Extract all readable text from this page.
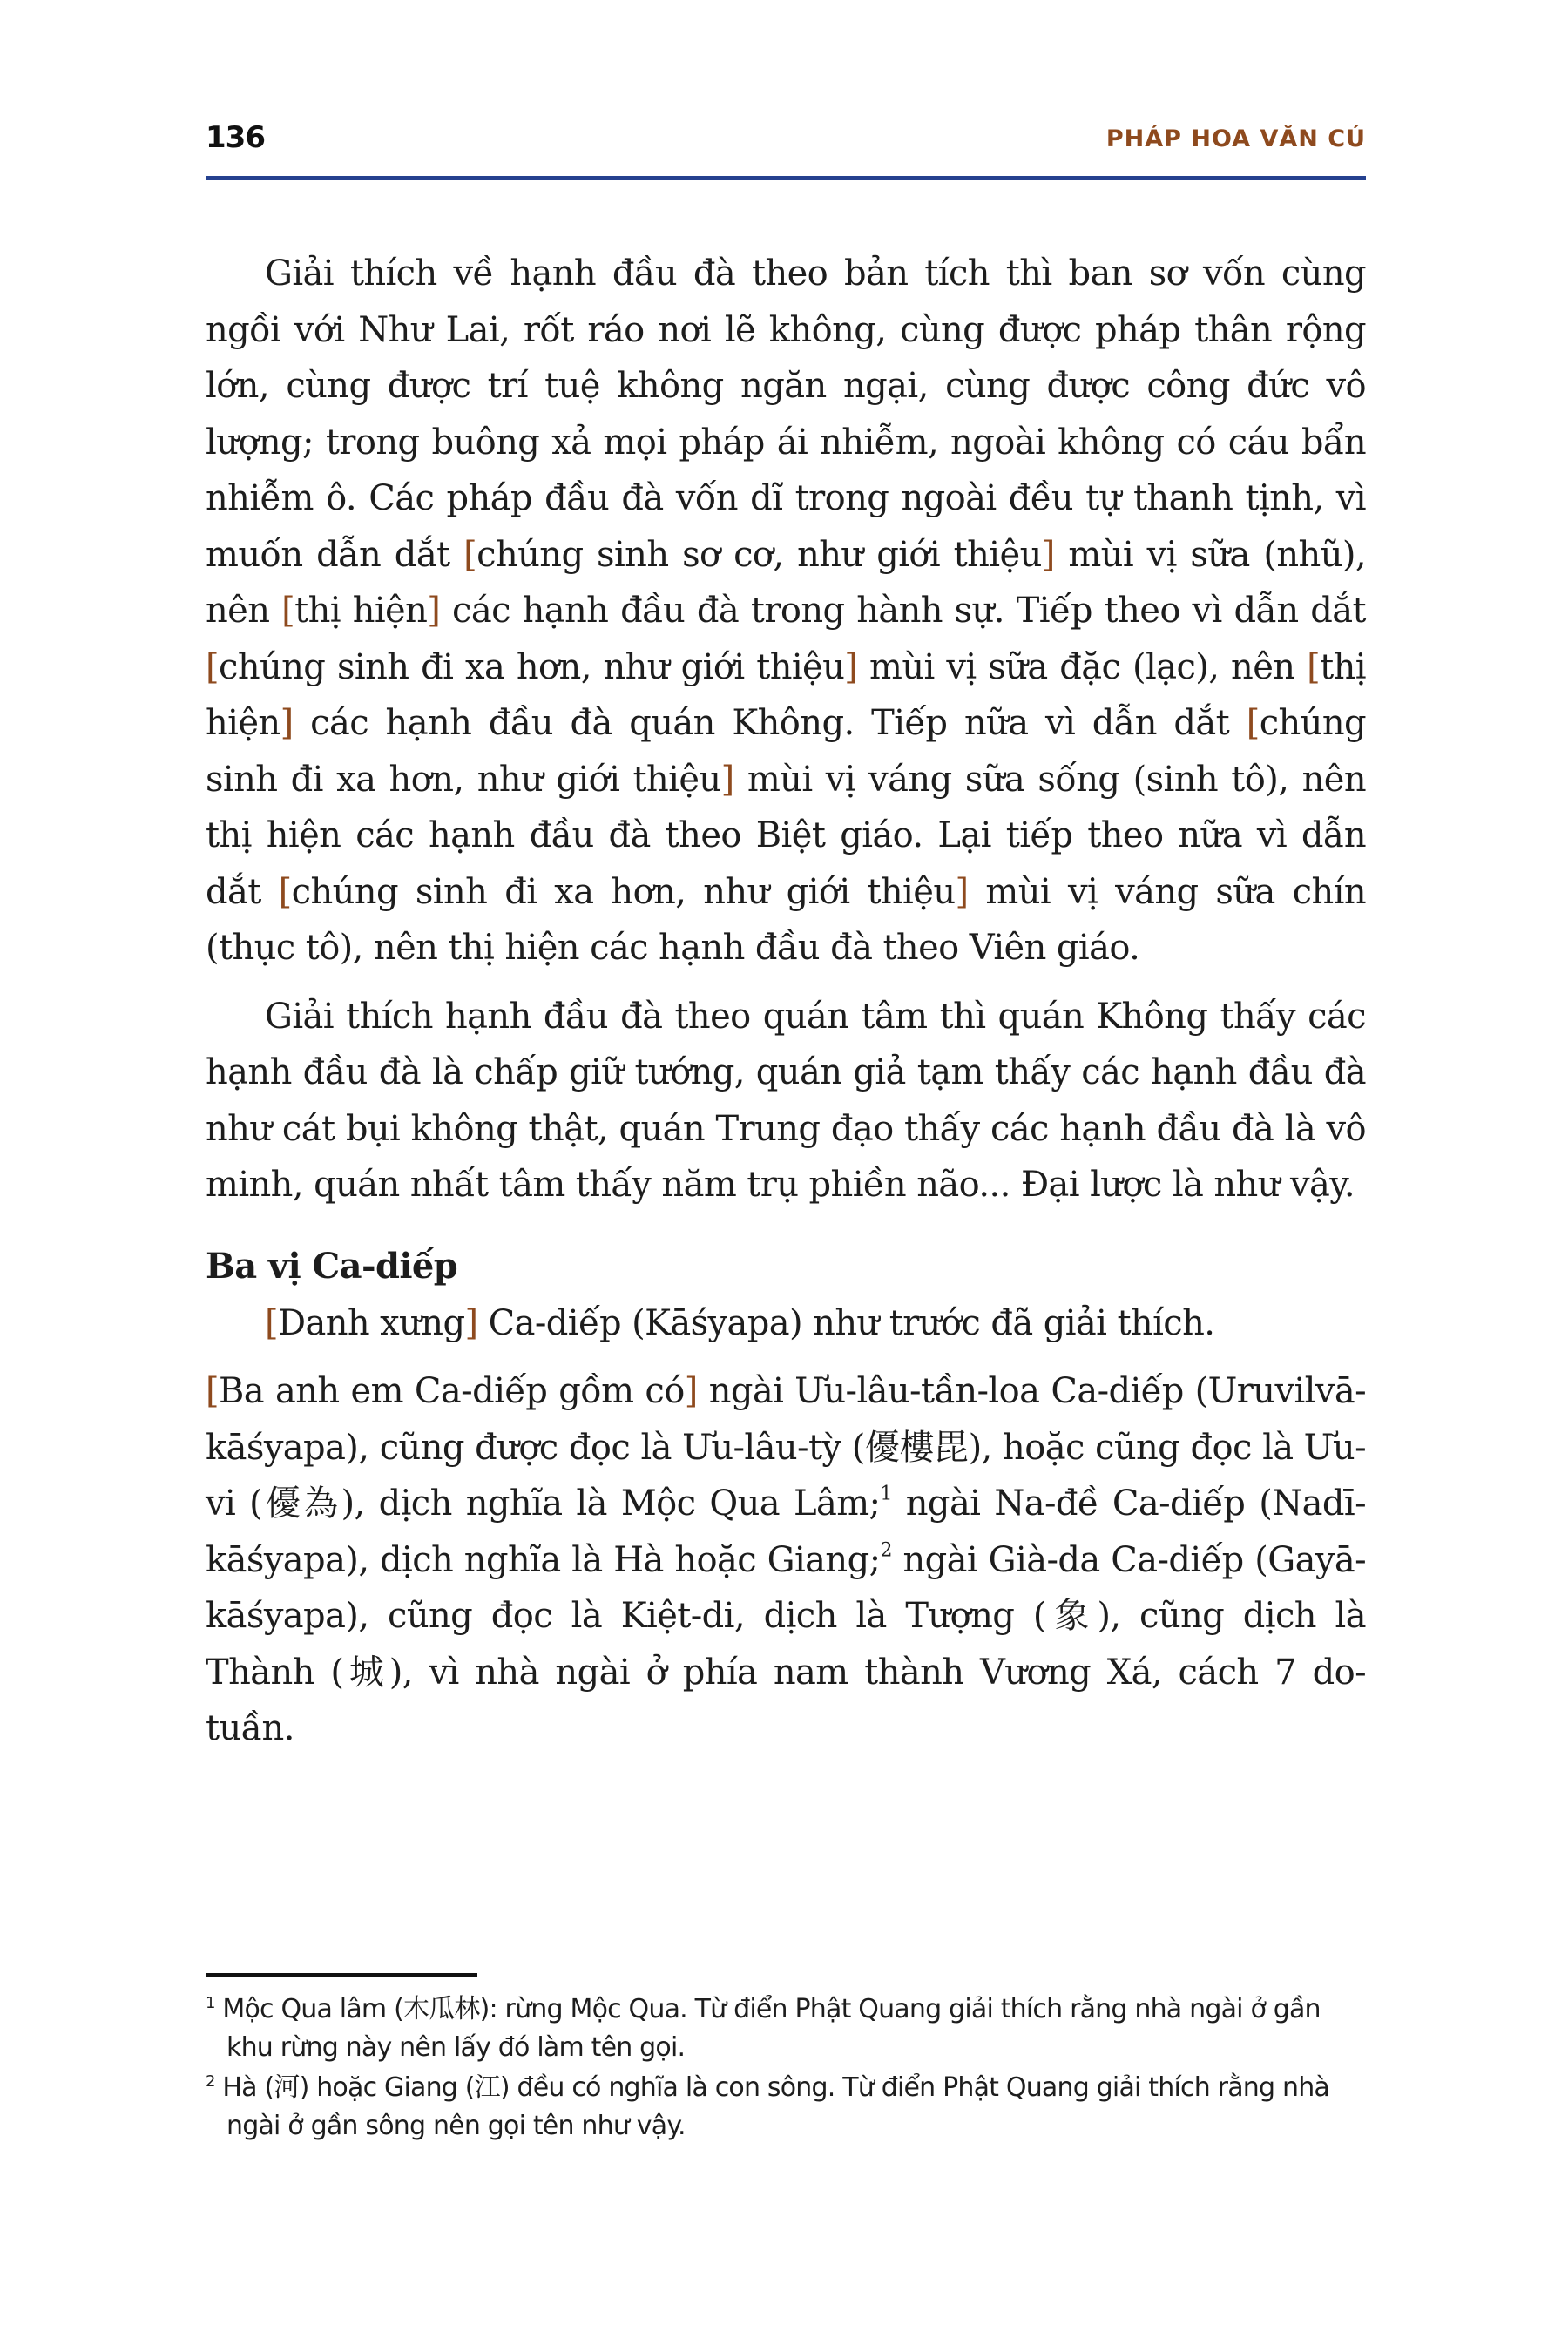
136	PHÁP HOA VĂN CÚ

Giải thích về hạnh đầu đà theo bản tích thì ban sơ vốn cùng ngồi với Như Lai, rốt ráo nơi lẽ không, cùng được pháp thân rộng lớn, cùng được trí tuệ không ngăn ngại, cùng được công đức vô lượng; trong buông xả mọi pháp ái nhiễm, ngoài không có cáu bẩn nhiễm ô. Các pháp đầu đà vốn dĩ trong ngoài đều tự thanh tịnh, vì muốn dẫn dắt [chúng sinh sơ cơ, như giới thiệu] mùi vị sữa (nhũ), nên [thị hiện] các hạnh đầu đà trong hành sự. Tiếp theo vì dẫn dắt [chúng sinh đi xa hơn, như giới thiệu] mùi vị sữa đặc (lạc), nên [thị hiện] các hạnh đầu đà quán Không. Tiếp nữa vì dẫn dắt [chúng sinh đi xa hơn, như giới thiệu] mùi vị váng sữa sống (sinh tô), nên thị hiện các hạnh đầu đà theo Biệt giáo. Lại tiếp theo nữa vì dẫn dắt [chúng sinh đi xa hơn, như giới thiệu] mùi vị váng sữa chín (thục tô), nên thị hiện các hạnh đầu đà theo Viên giáo.

Giải thích hạnh đầu đà theo quán tâm thì quán Không thấy các hạnh đầu đà là chấp giữ tướng, quán giả tạm thấy các hạnh đầu đà như cát bụi không thật, quán Trung đạo thấy các hạnh đầu đà là vô minh, quán nhất tâm thấy năm trụ phiền não... Đại lược là như vậy.

Ba vị Ca-diếp

[Danh xưng] Ca-diếp (Kāśyapa) như trước đã giải thích.

[Ba anh em Ca-diếp gồm có] ngài Ưu-lâu-tần-loa Ca-diếp (Uruvilvā-kāśyapa), cũng được đọc là Ưu-lâu-tỳ (優樓毘), hoặc cũng đọc là Ưu-vi (優為), dịch nghĩa là Mộc Qua Lâm;$^1$ ngài Na-đề Ca-diếp (Nadī-kāśyapa), dịch nghĩa là Hà hoặc Giang;$^2$ ngài Già-da Ca-diếp (Gayā-kāśyapa), cũng đọc là Kiệt-di, dịch là Tượng (象), cũng dịch là Thành (城), vì nhà ngài ở phía nam thành Vương Xá, cách 7 do-tuần.

$^1$ Mộc Qua lâm (木瓜林): rừng Mộc Qua. Từ điển Phật Quang giải thích rằng nhà ngài ở gần khu rừng này nên lấy đó làm tên gọi.
$^2$ Hà (河) hoặc Giang (江) đều có nghĩa là con sông. Từ điển Phật Quang giải thích rằng nhà ngài ở gần sông nên gọi tên như vậy.
